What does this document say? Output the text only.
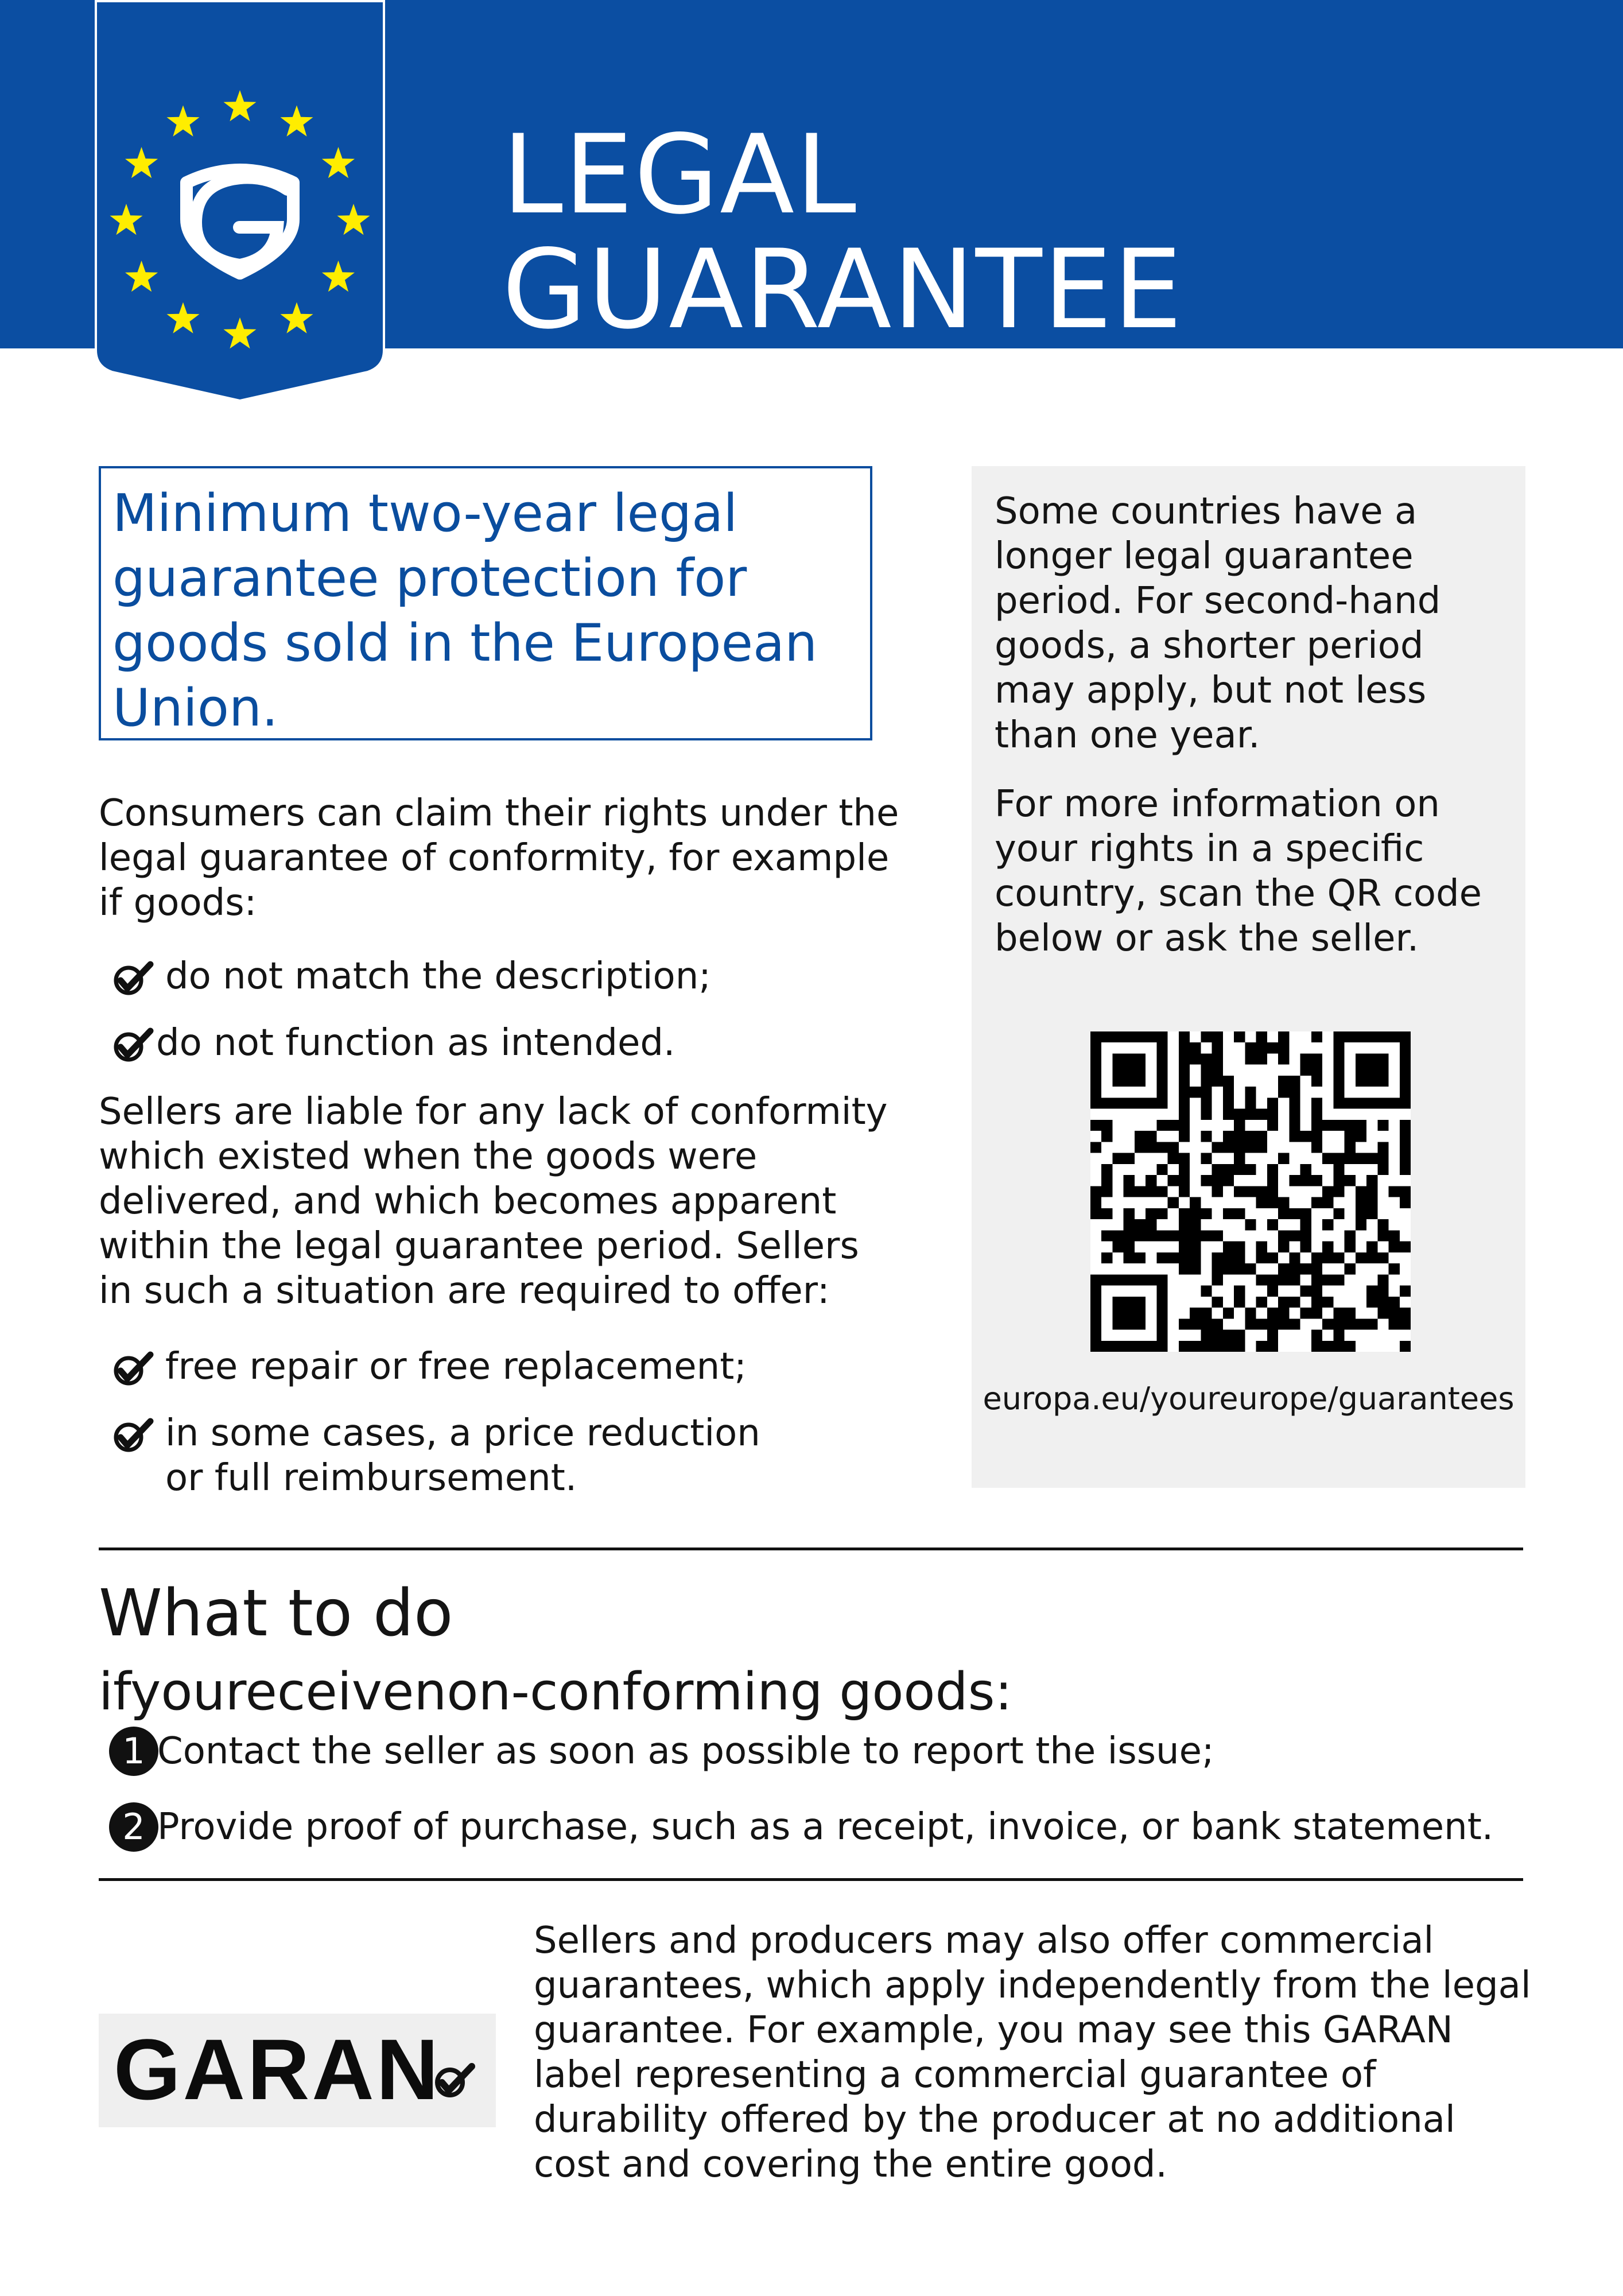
LEGAL
GUARANTEE
Minimum two-year legal guarantee protection for goods sold in the European Union.
Consumers can claim their rights under the legal guarantee of conformity, for example if goods:
do not match the description;
do not function as intended.
Sellers are liable for any lack of conformity which existed when the goods were delivered, and which becomes apparent within the legal guarantee period. Sellers in such a situation are required to offer:
free repair or free replacement;
in some cases, a price reduction or full reimbursement.
Some countries have a longer legal guarantee period. For second-hand goods, a shorter period may apply, but not less than one year.
For more information on your rights in a specific country, scan the QR code below or ask the seller.
europa.eu/youreurope/guarantees
What to do
ifyoureceivenon-conforming goods:
1 Contact the seller as soon as possible to report the issue;
2 Provide proof of purchase, such as a receipt, invoice, or bank statement.
GARAN
Sellers and producers may also offer commercial guarantees, which apply independently from the legal guarantee. For example, you may see this GARAN label representing a commercial guarantee of durability offered by the producer at no additional cost and covering the entire good.
